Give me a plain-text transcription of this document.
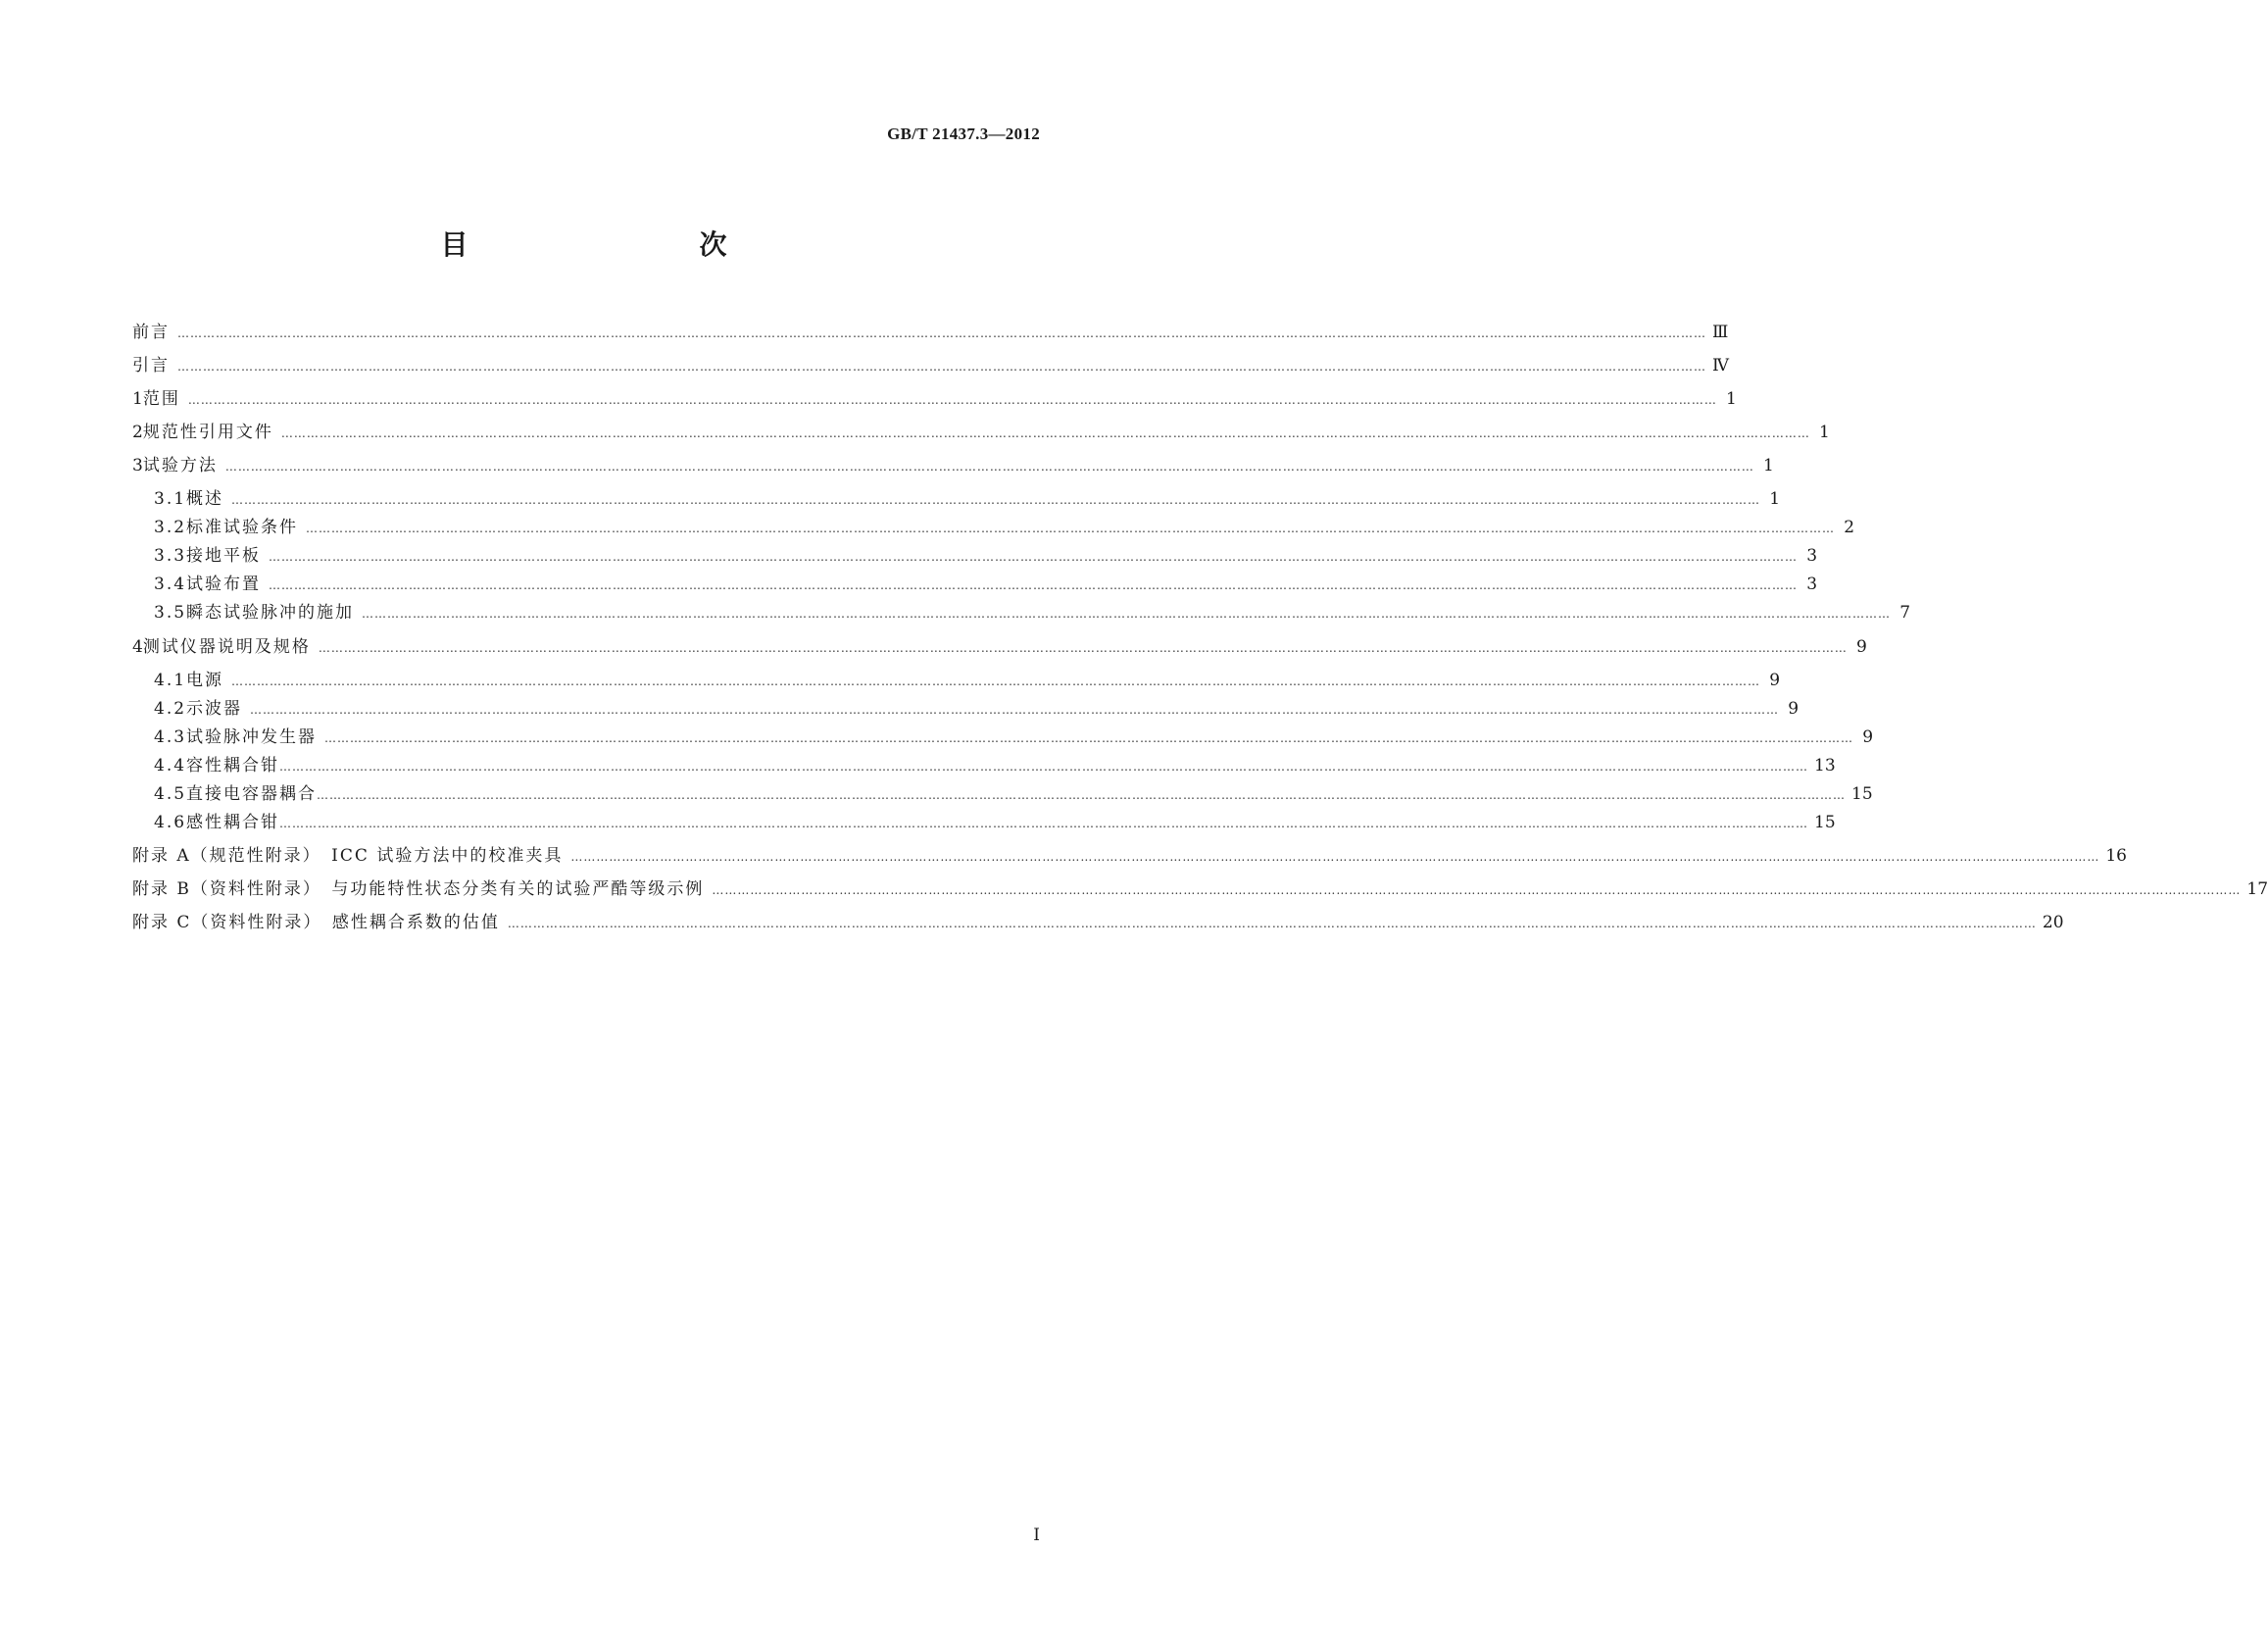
GB/T 21437.3—2012
目　　次
前言 ……………………………………………………………………………………………………………………………………………………………………………………………………………………………………………………………………………………………………………………………… Ⅲ
引言 ……………………………………………………………………………………………………………………………………………………………………………………………………………………………………………………………………………………………………………………………… Ⅳ
1 范围 ……………………………………………………………………………………………………………………………………………………………………………………………………………………………………………………………………………………………………………………………… 1
2 规范性引用文件 ……………………………………………………………………………………………………………………………………………………………………………………………………………………………………………………………………………………………………………………………… 1
3 试验方法 ……………………………………………………………………………………………………………………………………………………………………………………………………………………………………………………………………………………………………………………………… 1
3.1 概述 ……………………………………………………………………………………………………………………………………………………………………………………………………………………………………………………………………………………………………………………………… 1
3.2 标准试验条件 ……………………………………………………………………………………………………………………………………………………………………………………………………………………………………………………………………………………………………………………………… 2
3.3 接地平板 ……………………………………………………………………………………………………………………………………………………………………………………………………………………………………………………………………………………………………………………………… 3
3.4 试验布置 ……………………………………………………………………………………………………………………………………………………………………………………………………………………………………………………………………………………………………………………………… 3
3.5 瞬态试验脉冲的施加 ……………………………………………………………………………………………………………………………………………………………………………………………………………………………………………………………………………………………………………………………… 7
4 测试仪器说明及规格 ……………………………………………………………………………………………………………………………………………………………………………………………………………………………………………………………………………………………………………………………… 9
4.1 电源 ……………………………………………………………………………………………………………………………………………………………………………………………………………………………………………………………………………………………………………………………… 9
4.2 示波器 ……………………………………………………………………………………………………………………………………………………………………………………………………………………………………………………………………………………………………………………………… 9
4.3 试验脉冲发生器 ……………………………………………………………………………………………………………………………………………………………………………………………………………………………………………………………………………………………………………………………… 9
4.4 容性耦合钳 ……………………………………………………………………………………………………………………………………………………………………………………………………………………………………………………………………………………………………………………………… 13
4.5 直接电容器耦合 ……………………………………………………………………………………………………………………………………………………………………………………………………………………………………………………………………………………………………………………………… 15
4.6 感性耦合钳 ……………………………………………………………………………………………………………………………………………………………………………………………………………………………………………………………………………………………………………………………… 15
附录 A（规范性附录）　ICC 试验方法中的校准夹具 ……………………………………………………………………………………………………………………………………………………………………………………………………………………………………………………………………………………………………………………………… 16
附录 B（资料性附录）　与功能特性状态分类有关的试验严酷等级示例 ……………………………………………………………………………………………………………………………………………………………………………………………………………………………………………………………………………………………………………………………… 17
附录 C（资料性附录）　感性耦合系数的估值 ……………………………………………………………………………………………………………………………………………………………………………………………………………………………………………………………………………………………………………………………… 20
Ⅰ
